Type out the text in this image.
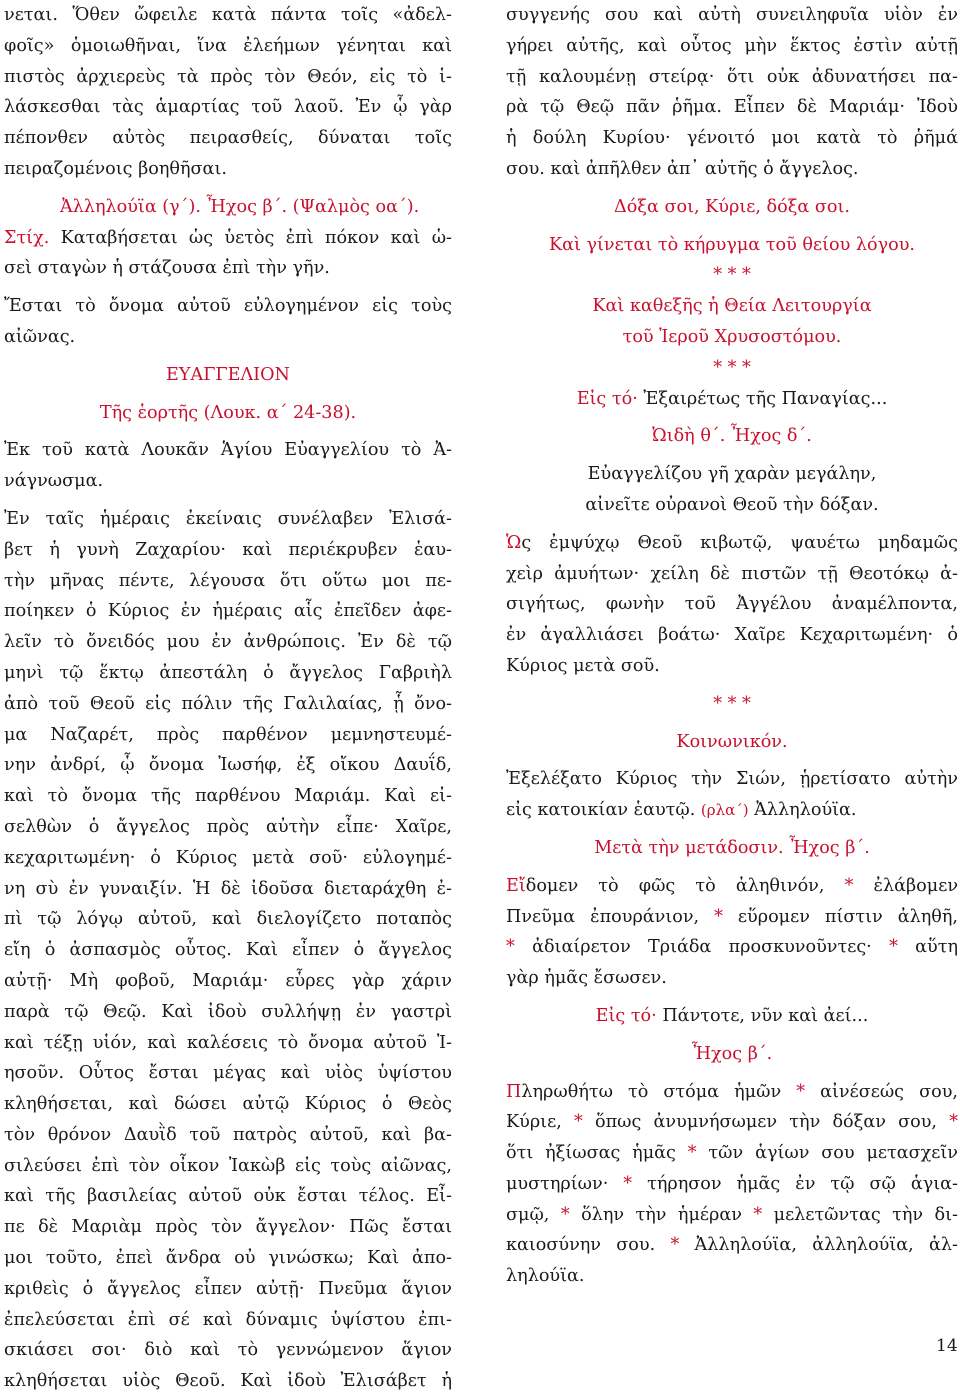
νεται. Ὅθεν ὤφειλε κατὰ πάντα τοῖς «ἀδελ-

φοῖς» ὁμοιωθῆναι, ἵνα ἐλεήμων γένηται καὶ

πιστὸς ἀρχιερεὺς τὰ πρὸς τὸν Θεόν, εἰς τὸ ἱ-

λάσκεσθαι τὰς ἁμαρτίας τοῦ λαοῦ. Ἐν ᾧ γὰρ

πέπονθεν αὐτὸς πειρασθείς, δύναται τοῖς

πειραζομένοις βοηθῆσαι.

Ἀλληλούϊα (γ΄). Ἦχος β΄. (Ψαλμὸς οα΄).

Στίχ. Καταβήσεται ὡς ὑετὸς ἐπὶ πόκον καὶ ὡ-

σεὶ σταγὼν ἡ στάζουσα ἐπὶ τὴν γῆν.

Ἔσται τὸ ὄνομα αὐτοῦ εὐλογημένον εἰς τοὺς

αἰῶνας.

ΕΥΑΓΓΕΛΙΟΝ

Τῆς ἑορτῆς (Λουκ. α΄ 24-38).

Ἐκ τοῦ κατὰ Λουκᾶν Ἁγίου Εὐαγγελίου τὸ Ἀ-

νάγνωσμα.

Ἐν ταῖς ἡμέραις ἐκείναις συνέλαβεν Ἐλισά-

βετ ἡ γυνὴ Ζαχαρίου· καὶ περιέκρυβεν ἑαυ-

τὴν μῆνας πέντε, λέγουσα ὅτι οὕτω μοι πε-

ποίηκεν ὁ Κύριος ἐν ἡμέραις αἷς ἐπεῖδεν ἀφε-

λεῖν τὸ ὄνειδός μου ἐν ἀνθρώποις. Ἐν δὲ τῷ

μηνὶ τῷ ἕκτῳ ἀπεστάλη ὁ ἄγγελος Γαβριὴλ

ἀπὸ τοῦ Θεοῦ εἰς πόλιν τῆς Γαλιλαίας, ᾗ ὄνο-

μα Ναζαρέτ, πρὸς παρθένον μεμνηστευμέ-

νην ἀνδρί, ᾧ ὄνομα Ἰωσήφ, ἐξ οἴκου Δαυΐδ,

καὶ τὸ ὄνομα τῆς παρθένου Μαριάμ. Καὶ εἰ-

σελθὼν ὁ ἄγγελος πρὸς αὐτὴν εἶπε· Χαῖρε,

κεχαριτωμένη· ὁ Κύριος μετὰ σοῦ· εὐλογημέ-

νη σὺ ἐν γυναιξίν. Ἡ δὲ ἰδοῦσα διεταράχθη ἐ-

πὶ τῷ λόγῳ αὐτοῦ, καὶ διελογίζετο ποταπὸς

εἴη ὁ ἀσπασμὸς οὗτος. Καὶ εἶπεν ὁ ἄγγελος

αὐτῇ· Μὴ φοβοῦ, Μαριάμ· εὗρες γὰρ χάριν

παρὰ τῷ Θεῷ. Καὶ ἰδοὺ συλλήψῃ ἐν γαστρὶ

καὶ τέξῃ υἱόν, καὶ καλέσεις τὸ ὄνομα αὐτοῦ Ἰ-

ησοῦν. Οὗτος ἔσται μέγας καὶ υἱὸς ὑψίστου

κληθήσεται, καὶ δώσει αὐτῷ Κύριος ὁ Θεὸς

τὸν θρόνον Δαυῒδ τοῦ πατρὸς αὐτοῦ, καὶ βα-

σιλεύσει ἐπὶ τὸν οἶκον Ἰακὼβ εἰς τοὺς αἰῶνας,

καὶ τῆς βασιλείας αὐτοῦ οὐκ ἔσται τέλος. Εἶ-

πε δὲ Μαριὰμ πρὸς τὸν ἄγγελον· Πῶς ἔσται

μοι τοῦτο, ἐπεὶ ἄνδρα οὐ γινώσκω; Καὶ ἀπο-

κριθεὶς ὁ ἄγγελος εἶπεν αὐτῇ· Πνεῦμα ἅγιον

ἐπελεύσεται ἐπὶ σέ καὶ δύναμις ὑψίστου ἐπι-

σκιάσει σοι· διὸ καὶ τὸ γεννώμενον ἅγιον

κληθήσεται υἱὸς Θεοῦ. Καὶ ἰδοὺ Ἐλισάβετ ἡ

συγγενής σου καὶ αὐτὴ συνειληφυῖα υἱὸν ἐν

γήρει αὐτῆς, καὶ οὗτος μὴν ἕκτος ἐστὶν αὐτῇ

τῇ καλουμένῃ στείρᾳ· ὅτι οὐκ ἀδυνατήσει πα-

ρὰ τῷ Θεῷ πᾶν ῥῆμα. Εἶπεν δὲ Μαριάμ· Ἰδοὺ

ἡ δούλη Κυρίου· γένοιτό μοι κατὰ τὸ ῥῆμά

σου. καὶ ἀπῆλθεν ἀπ᾽ αὐτῆς ὁ ἄγγελος.

Δόξα σοι, Κύριε, δόξα σοι.

Καὶ γίνεται τὸ κήρυγμα τοῦ θείου λόγου.

* * *

Καὶ καθεξῆς ἡ Θεία Λειτουργία

τοῦ Ἱεροῦ Χρυσοστόμου.

* * *

Εἰς τό· Ἐξαιρέτως τῆς Παναγίας...

Ὠιδὴ θ΄. Ἦχος δ΄.

Εὐαγγελίζου γῆ χαρὰν μεγάλην,

αἰνεῖτε οὐρανοὶ Θεοῦ τὴν δόξαν.

Ὡς ἐμψύχῳ Θεοῦ κιβωτῷ, ψαυέτω μηδαμῶς

χεὶρ ἀμυήτων· χείλη δὲ πιστῶν τῇ Θεοτόκῳ ἀ-

σιγήτως, φωνὴν τοῦ Ἀγγέλου ἀναμέλποντα,

ἐν ἀγαλλιάσει βοάτω· Χαῖρε Κεχαριτωμένη· ὁ

Κύριος μετὰ σοῦ.

* * *

Κοινωνικόν.

Ἐξελέξατο Κύριος τὴν Σιών, ᾑρετίσατο αὐτὴν

εἰς κατοικίαν ἑαυτῷ. (ρλα΄) Ἀλληλούϊα.

Μετὰ τὴν μετάδοσιν. Ἦχος β΄.

Εἴδομεν τὸ φῶς τὸ ἀληθινόν, * ἐλάβομεν

Πνεῦμα ἐπουράνιον, * εὕρομεν πίστιν ἀληθῆ,

* ἀδιαίρετον Τριάδα προσκυνοῦντες· * αὕτη

γὰρ ἡμᾶς ἔσωσεν.

Εἰς τό· Πάντοτε, νῦν καὶ ἀεί...

Ἦχος β΄.

Πληρωθήτω τὸ στόμα ἡμῶν * αἰνέσεώς σου,

Κύριε, * ὅπως ἀνυμνήσωμεν τὴν δόξαν σου, *

ὅτι ἠξίωσας ἡμᾶς * τῶν ἁγίων σου μετασχεῖν

μυστηρίων· * τήρησον ἡμᾶς ἐν τῷ σῷ ἁγια-

σμῷ, * ὅλην τὴν ἡμέραν * μελετῶντας τὴν δι-

καιοσύνην σου. * Ἀλληλούϊα, ἀλληλούϊα, ἀλ-

ληλούϊα.

14
